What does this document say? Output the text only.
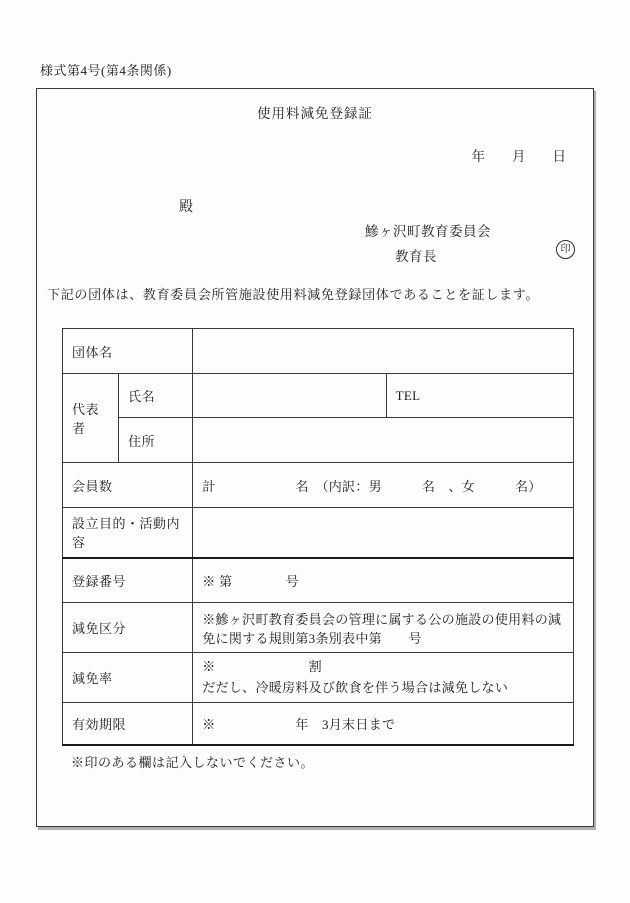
様式第4号(第4条関係)
使用料減免登録証
年　　月　　日
殿
鰺ヶ沢町教育委員会
教育長	印
下記の団体は、教育委員会所管施設使用料減免登録団体であることを証します。
団体名			
代表者	氏名		TEL
	住所		
会員数		計　　　　　　名　（内訳：男　　　名　、女　　　名）	
設立目的・活動内容			
登録番号		※ 第　　　　号	
減免区分		※鰺ヶ沢町教育委員会の管理に属する公の施設の使用料の減免に関する規則第3条別表中第　　号	
減免率		※　　　　　　　割
だだし、冷暖房料及び飲食を伴う場合は減免しない	

有効期限		※　　　　　　年　3月末日まで	
※印のある欄は記入しないでください。
